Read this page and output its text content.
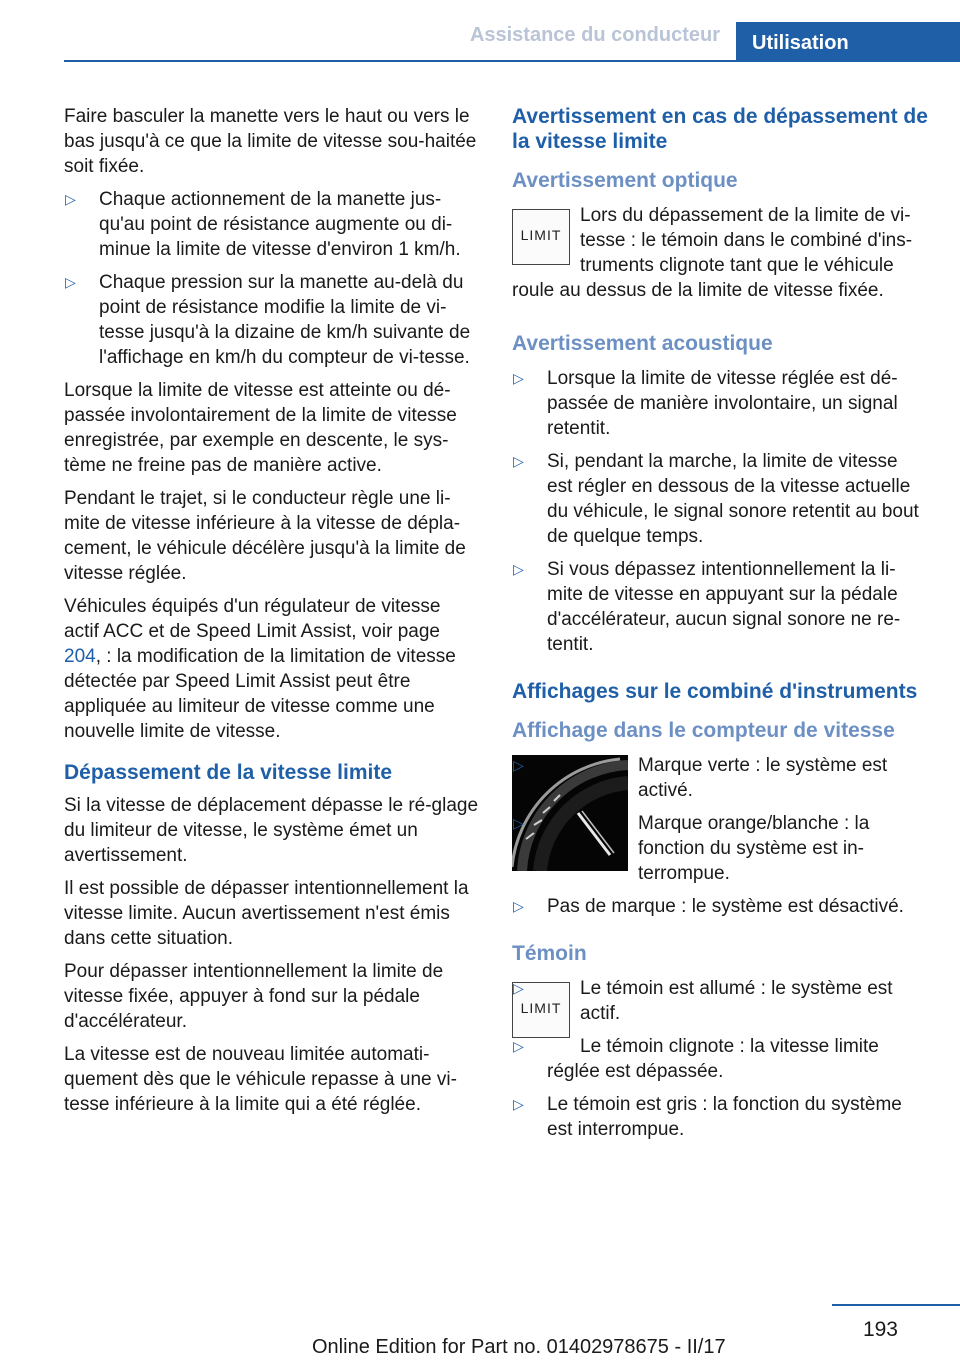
Assistance du conducteur	Utilisation

Faire basculer la manette vers le haut ou vers le bas jusqu'à ce que la limite de vitesse sou-haitée soit fixée.

▷ Chaque actionnement de la manette jus-qu'au point de résistance augmente ou di-minue la limite de vitesse d'environ 1 km/h.
▷ Chaque pression sur la manette au-delà du point de résistance modifie la limite de vi-tesse jusqu'à la dizaine de km/h suivante de l'affichage en km/h du compteur de vi-tesse.

Lorsque la limite de vitesse est atteinte ou dé-passée involontairement de la limite de vitesse enregistrée, par exemple en descente, le sys-tème ne freine pas de manière active.

Pendant le trajet, si le conducteur règle une li-mite de vitesse inférieure à la vitesse de dépla-cement, le véhicule décélère jusqu'à la limite de vitesse réglée.

Véhicules équipés d'un régulateur de vitesse actif ACC et de Speed Limit Assist, voir page 204, : la modification de la limitation de vitesse détectée par Speed Limit Assist peut être appliquée au limiteur de vitesse comme une nouvelle limite de vitesse.

Dépassement de la vitesse limite

Si la vitesse de déplacement dépasse le ré-glage du limiteur de vitesse, le système émet un avertissement.

Il est possible de dépasser intentionnellement la vitesse limite. Aucun avertissement n'est émis dans cette situation.

Pour dépasser intentionnellement la limite de vitesse fixée, appuyer à fond sur la pédale d'accélérateur.

La vitesse est de nouveau limitée automati-quement dès que le véhicule repasse à une vi-tesse inférieure à la limite qui a été réglée.

Avertissement en cas de dépassement de la vitesse limite
Avertissement optique
LIMIT

Lors du dépassement de la limite de vi-tesse : le témoin dans le combiné d'ins-truments clignote tant que le véhicule roule au dessus de la limite de vitesse fixée.

Avertissement acoustique
▷ Lorsque la limite de vitesse réglée est dé-passée de manière involontaire, un signal retentit.
▷ Si, pendant la marche, la limite de vitesse est régler en dessous de la vitesse actuelle du véhicule, le signal sonore retentit au bout de quelque temps.
▷ Si vous dépassez intentionnellement la li-mite de vitesse en appuyant sur la pédale d'accélérateur, aucun signal sonore ne re-tentit.
Affichages sur le combiné d'instruments
Affichage dans le compteur de vitesse
▷	Marque verte : le système est activé.
▷	Marque orange/blanche : la fonction du système est in-terrompue.
▷ Pas de marque : le système est désactivé.
Témoin
LIMIT
▷	Le témoin est allumé : le système est actif.
▷	Le témoin clignote : la vitesse limite réglée est dépassée.
▷ Le témoin est gris : la fonction du système est interrompue.
193
Online Edition for Part no. 01402978675 - II/17
